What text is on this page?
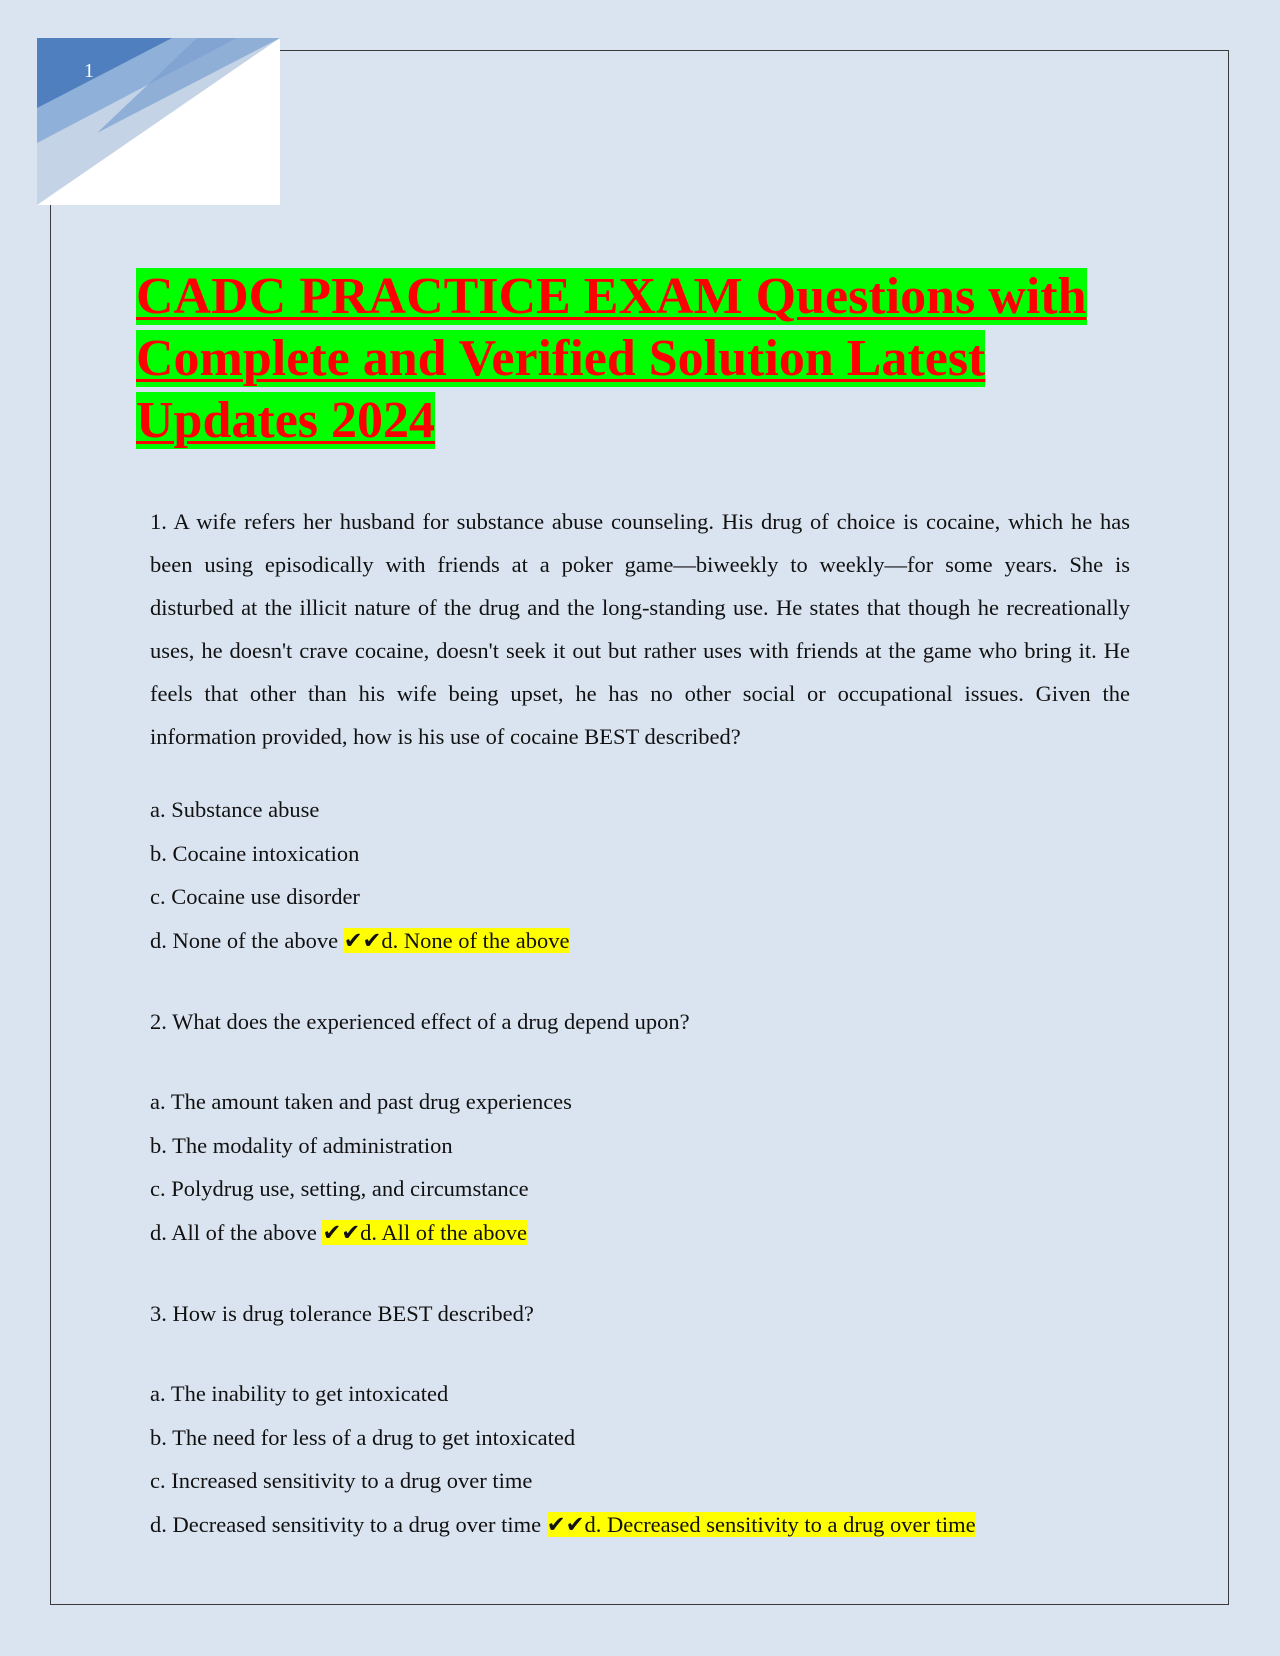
1
CADC PRACTICE EXAM Questions with
Complete and Verified Solution Latest
Updates 2024

1. A wife refers her husband for substance abuse counseling. His drug of choice is cocaine, which he has been using episodically with friends at a poker game—biweekly to weekly—for some years. She is disturbed at the illicit nature of the drug and the long-standing use. He states that though he recreationally uses, he doesn't crave cocaine, doesn't seek it out but rather uses with friends at the game who bring it. He feels that other than his wife being upset, he has no other social or occupational issues. Given the information provided, how is his use of cocaine BEST described?

a. Substance abuse
b. Cocaine intoxication
c. Cocaine use disorder
d. None of the above ✔✔d. None of the above

2. What does the experienced effect of a drug depend upon?

a. The amount taken and past drug experiences
b. The modality of administration
c. Polydrug use, setting, and circumstance
d. All of the above ✔✔d. All of the above

3. How is drug tolerance BEST described?

a. The inability to get intoxicated
b. The need for less of a drug to get intoxicated
c. Increased sensitivity to a drug over time
d. Decreased sensitivity to a drug over time ✔✔d. Decreased sensitivity to a drug over time
